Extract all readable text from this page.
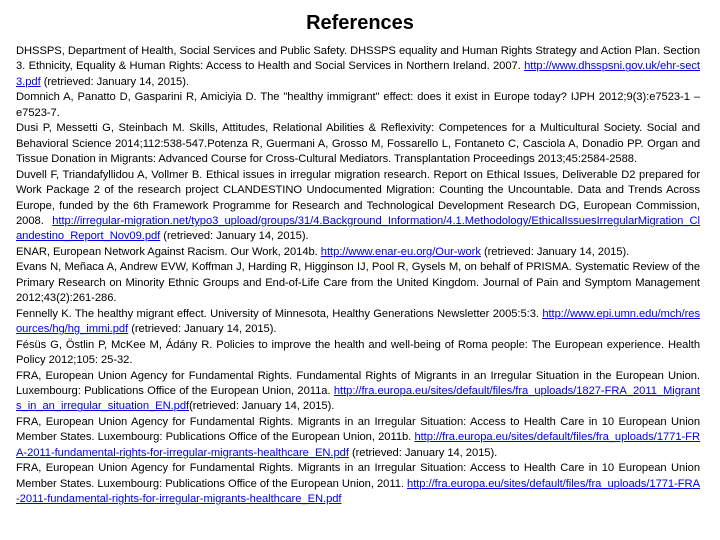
References

DHSSPS, Department of Health, Social Services and Public Safety. DHSSPS equality and Human Rights Strategy and Action Plan. Section 3. Ethnicity, Equality & Human Rights: Access to Health and Social Services in Northern Ireland. 2007. http://www.dhsspsni.gov.uk/ehr-sect3.pdf (retrieved: January 14, 2015).

Domnich A, Panatto D, Gasparini R, Amiciyia D. The "healthy immigrant" effect: does it exist in Europe today? IJPH 2012;9(3):e7523-1 – e7523-7.

Dusi P, Messetti G, Steinbach M. Skills, Attitudes, Relational Abilities & Reflexivity: Competences for a Multicultural Society. Social and Behavioral Science 2014;112:538-547.Potenza R, Guermani A, Grosso M, Fossarello L, Fontaneto C, Casciola A, Donadio PP. Organ and Tissue Donation in Migrants: Advanced Course for Cross-Cultural Mediators. Transplantation Proceedings 2013;45:2584-2588.

Duvell F, Triandafyllidou A, Vollmer B. Ethical issues in irregular migration research. Report on Ethical Issues, Deliverable D2 prepared for Work Package 2 of the research project CLANDESTINO Undocumented Migration: Counting the Uncountable. Data and Trends Across Europe, funded by the 6th Framework Programme for Research and Technological Development Research DG, European Commission, 2008. http://irregular-migration.net/typo3_upload/groups/31/4.Background_Information/4.1.Methodology/EthicalIssuesIrregularMigration_Clandestino_Report_Nov09.pdf (retrieved: January 14, 2015).

ENAR, European Network Against Racism. Our Work, 2014b. http://www.enar-eu.org/Our-work (retrieved: January 14, 2015).

Evans N, Meñaca A, Andrew EVW, Koffman J, Harding R, Higginson IJ, Pool R, Gysels M, on behalf of PRISMA. Systematic Review of the Primary Research on Minority Ethnic Groups and End-of-Life Care from the United Kingdom. Journal of Pain and Symptom Management 2012;43(2):261-286.

Fennelly K. The healthy migrant effect. University of Minnesota, Healthy Generations Newsletter 2005:5:3. http://www.epi.umn.edu/mch/resources/hg/hg_immi.pdf (retrieved: January 14, 2015).

Fésüs G, Östlin P, McKee M, Ádány R. Policies to improve the health and well-being of Roma people: The European experience. Health Policy 2012;105: 25-32.

FRA, European Union Agency for Fundamental Rights. Fundamental Rights of Migrants in an Irregular Situation in the European Union. Luxembourg: Publications Office of the European Union, 2011a. http://fra.europa.eu/sites/default/files/fra_uploads/1827-FRA_2011_Migrants_in_an_irregular_situation_EN.pdf(retrieved: January 14, 2015).

FRA, European Union Agency for Fundamental Rights. Migrants in an Irregular Situation: Access to Health Care in 10 European Union Member States. Luxembourg: Publications Office of the European Union, 2011b. http://fra.europa.eu/sites/default/files/fra_uploads/1771-FRA-2011-fundamental-rights-for-irregular-migrants-healthcare_EN.pdf (retrieved: January 14, 2015).

FRA, European Union Agency for Fundamental Rights. Migrants in an Irregular Situation: Access to Health Care in 10 European Union Member States. Luxembourg: Publications Office of the European Union, 2011. http://fra.europa.eu/sites/default/files/fra_uploads/1771-FRA-2011-fundamental-rights-for-irregular-migrants-healthcare_EN.pdf
